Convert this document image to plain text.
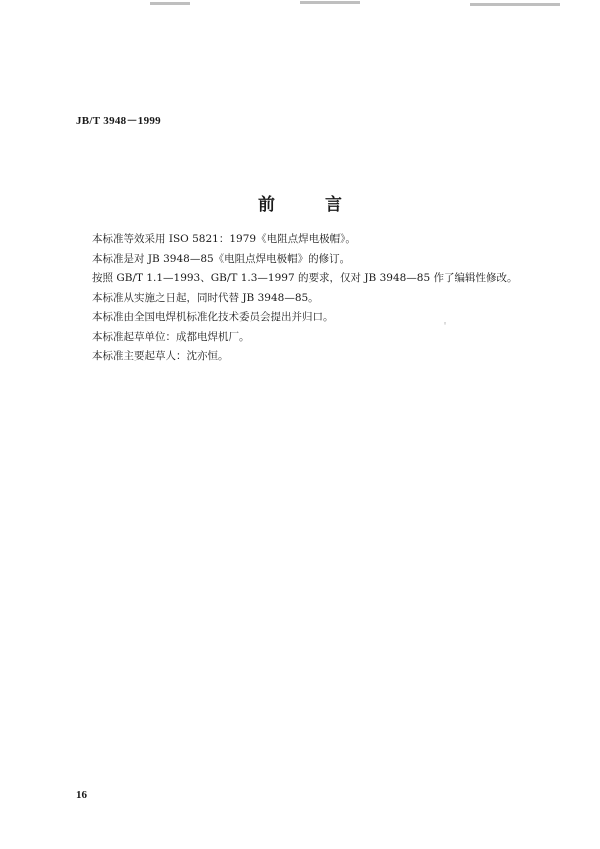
JB/T 3948－1999
前 言
本标准等效采用 ISO 5821：1979《电阻点焊电极帽》。
本标准是对 JB 3948—85《电阻点焊电极帽》的修订。
按照 GB/T 1.1—1993、GB/T 1.3—1997 的要求，仅对 JB 3948—85 作了编辑性修改。
本标准从实施之日起，同时代替 JB 3948—85。
本标准由全国电焊机标准化技术委员会提出并归口。
本标准起草单位：成都电焊机厂。
本标准主要起草人：沈亦恒。
◦
16
